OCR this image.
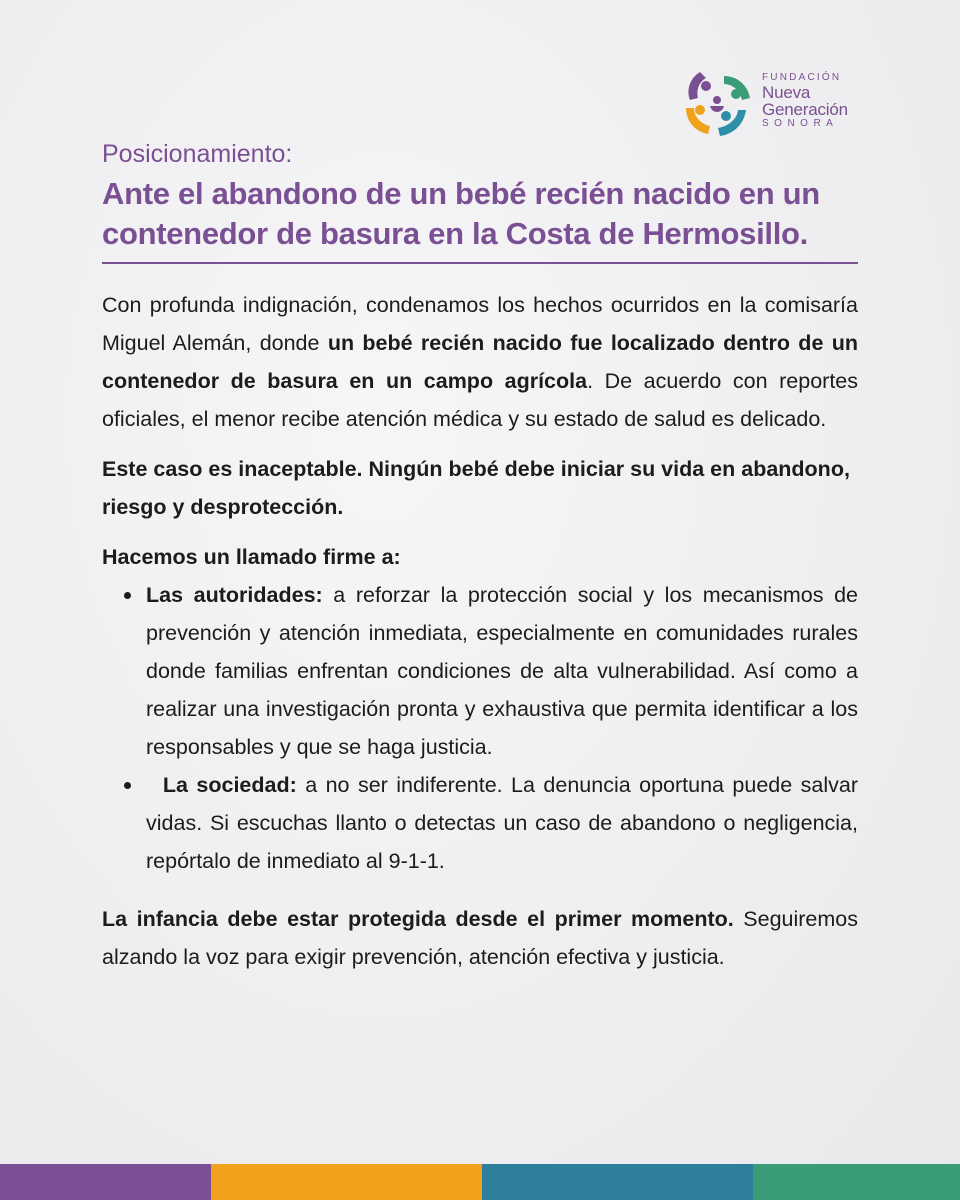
FUNDACIÓN
Nueva
Generación
SONORA

Posicionamiento:

Ante el abandono de un bebé recién nacido en un contenedor de basura en la Costa de Hermosillo.

Con profunda indignación, condenamos los hechos ocurridos en la comisaría Miguel Alemán, donde un bebé recién nacido fue localizado dentro de un contenedor de basura en un campo agrícola. De acuerdo con reportes oficiales, el menor recibe atención médica y su estado de salud es delicado.

Este caso es inaceptable. Ningún bebé debe iniciar su vida en abandono, riesgo y desprotección.

Hacemos un llamado firme a:

Las autoridades: a reforzar la protección social y los mecanismos de prevención y atención inmediata, especialmente en comunidades rurales donde familias enfrentan condiciones de alta vulnerabilidad. Así como a realizar una investigación pronta y exhaustiva que permita identificar a los responsables y que se haga justicia.
La sociedad: a no ser indiferente. La denuncia oportuna puede salvar vidas. Si escuchas llanto o detectas un caso de abandono o negligencia, repórtalo de inmediato al 9-1-1.

La infancia debe estar protegida desde el primer momento. Seguiremos alzando la voz para exigir prevención, atención efectiva y justicia.
